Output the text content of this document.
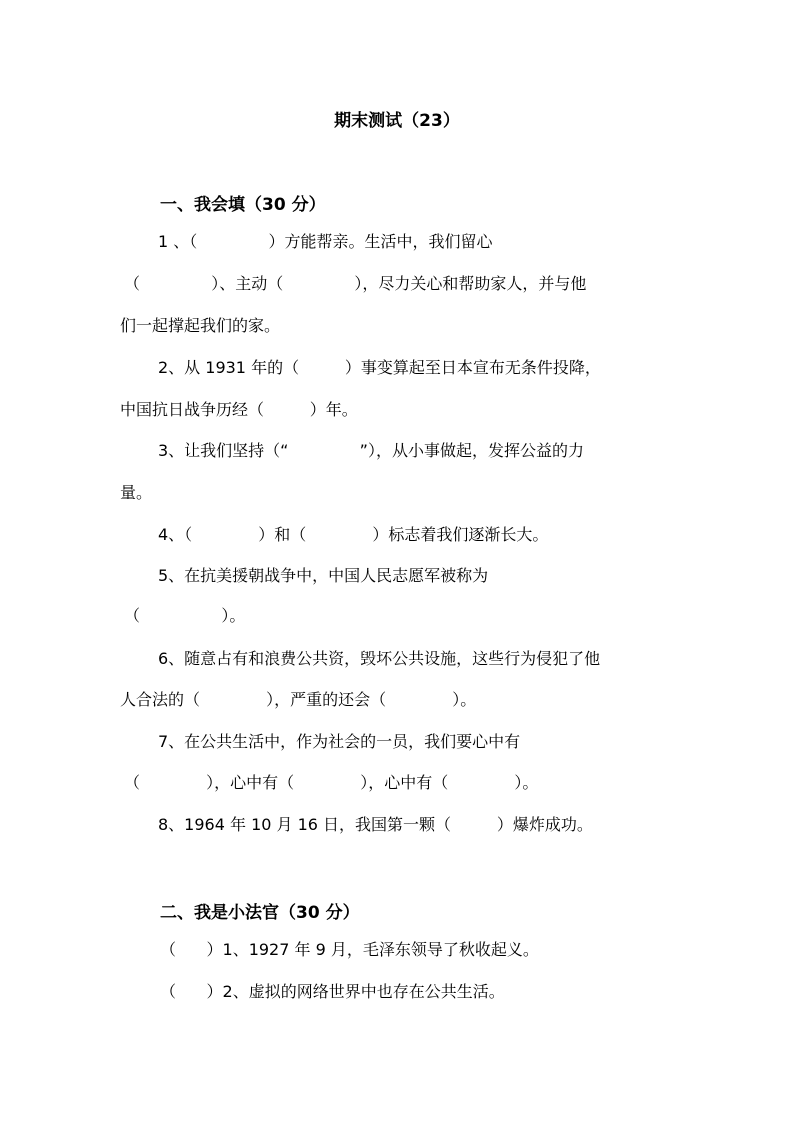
期末测试（23）
一、我会填（30 分）
1 、（              ）方能帮亲。生活中，我们留心
（              ）、主动（              ），尽力关心和帮助家人，并与他
们一起撑起我们的家。
2、从 1931 年的（         ）事变算起至日本宣布无条件投降，
中国抗日战争历经（         ）年。
3、让我们坚持（“              ”），从小事做起，发挥公益的力
量。
4、（             ）和（             ）标志着我们逐渐长大。
5、在抗美援朝战争中，中国人民志愿军被称为
（                ）。
6、随意占有和浪费公共资，毁坏公共设施，这些行为侵犯了他
人合法的（             ），严重的还会（             ）。
7、在公共生活中，作为社会的一员，我们要心中有
（             ），心中有（             ），心中有（             ）。
8、1964 年 10 月 16 日，我国第一颗（         ）爆炸成功。
二、我是小法官（30 分）
（      ）1、1927 年 9 月，毛泽东领导了秋收起义。
（      ）2、虚拟的网络世界中也存在公共生活。
